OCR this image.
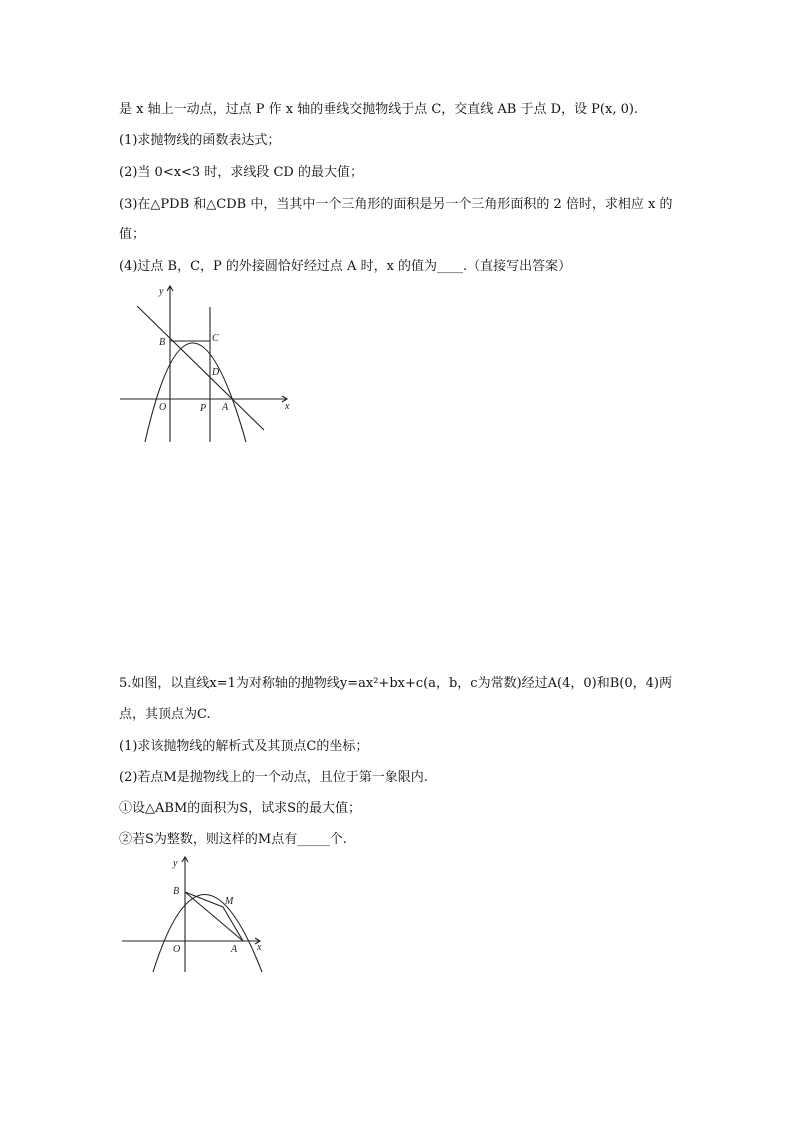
是 x 轴上一动点，过点 P 作 x 轴的垂线交抛物线于点 C，交直线 AB 于点 D，设 P(x, 0).
(1)求抛物线的函数表达式；
(2)当 0<x<3 时，求线段 CD 的最大值；
(3)在△PDB 和△CDB 中，当其中一个三角形的面积是另一个三角形面积的 2 倍时，求相应 x 的
值；
(4)过点 B，C，P 的外接圆恰好经过点 A 时，x 的值为____.（直接写出答案）
y
x
B	C
D
O	P A
5.如图，以直线x=1为对称轴的抛物线y=ax²+bx+c(a，b，c为常数)经过A(4，0)和B(0，4)两
点，其顶点为C.
(1)求该抛物线的解析式及其顶点C的坐标；
(2)若点M是抛物线上的一个动点，且位于第一象限内.
①设△ABM的面积为S，试求S的最大值；
②若S为整数，则这样的M点有_____个.
y
x
B
M
O	A
